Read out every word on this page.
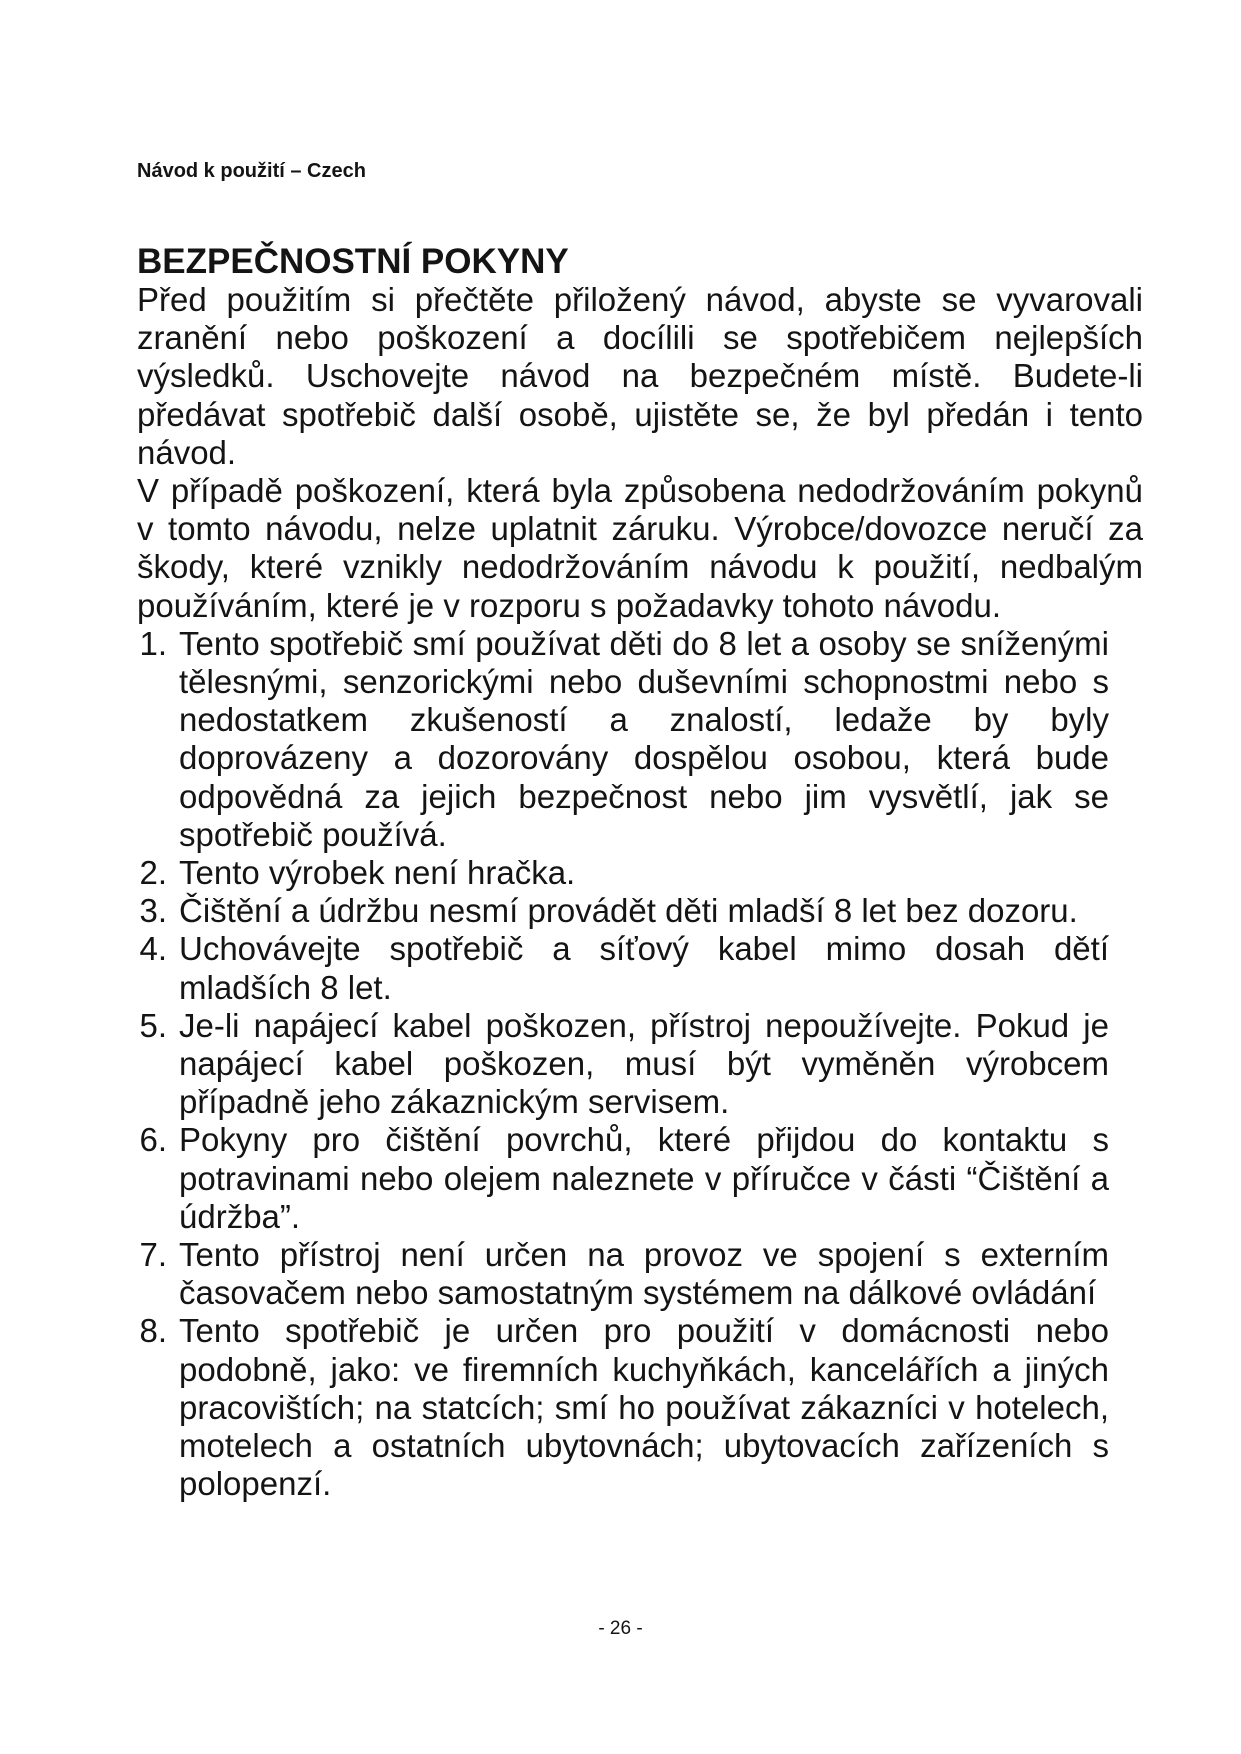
Návod k použití – Czech
BEZPEČNOSTNÍ POKYNY

Před použitím si přečtěte přiložený návod, abyste se vyvarovali zranění nebo poškození a docílili se spotřebičem nejlepších výsledků. Uschovejte návod na bezpečném místě. Budete-li předávat spotřebič další osobě, ujistěte se, že byl předán i tento návod.

V případě poškození, která byla způsobena nedodržováním pokynů v tomto návodu, nelze uplatnit záruku. Výrobce/dovozce neručí za škody, které vznikly nedodržováním návodu k použití, nedbalým používáním, které je v rozporu s požadavky tohoto návodu.

1. Tento spotřebič smí používat děti do 8 let a osoby se sníženými tělesnými, senzorickými nebo duševními schopnostmi nebo s nedostatkem zkušeností a znalostí, ledaže by byly doprovázeny a dozorovány dospělou osobou, která bude odpovědná za jejich bezpečnost nebo jim vysvětlí, jak se spotřebič používá.
2. Tento výrobek není hračka.
3. Čištění a údržbu nesmí provádět děti mladší 8 let bez dozoru.
4. Uchovávejte spotřebič a síťový kabel mimo dosah dětí mladších 8 let.
5. Je-li napájecí kabel poškozen, přístroj nepoužívejte. Pokud je napájecí kabel poškozen, musí být vyměněn výrobcem případně jeho zákaznickým servisem.
6. Pokyny pro čištění povrchů, které přijdou do kontaktu s potravinami nebo olejem naleznete v příručce v části “Čištění a údržba”.
7. Tento přístroj není určen na provoz ve spojení s externím časovačem nebo samostatným systémem na dálkové ovládání
8. Tento spotřebič je určen pro použití v domácnosti nebo podobně, jako: ve firemních kuchyňkách, kancelářích a jiných pracovištích; na statcích; smí ho používat zákazníci v hotelech, motelech a ostatních ubytovnách; ubytovacích zařízeních s polopenzí.
- 26 -
